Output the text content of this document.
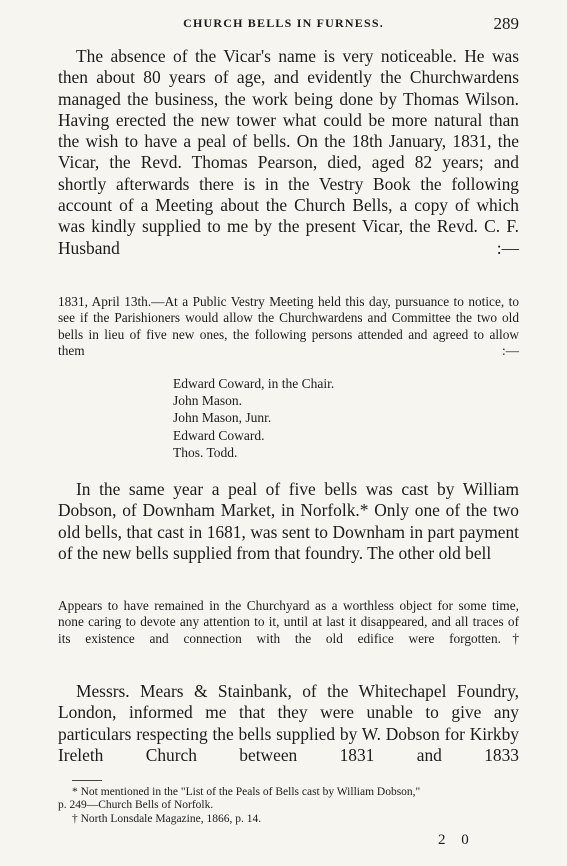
CHURCH BELLS IN FURNESS.	289

The absence of the Vicar's name is very noticeable. He was then about 80 years of age, and evidently the Churchwardens managed the business, the work being done by Thomas Wilson. Having erected the new tower what could be more natural than the wish to have a peal of bells. On the 18th January, 1831, the Vicar, the Revd. Thomas Pearson, died, aged 82 years; and shortly afterwards there is in the Vestry Book the following account of a Meeting about the Church Bells, a copy of which was kindly supplied to me by the present Vicar, the Revd. C. F. Husband :—

1831, April 13th.—At a Public Vestry Meeting held this day, pursuance to notice, to see if the Parishioners would allow the Churchwardens and Committee the two old bells in lieu of five new ones, the following persons attended and agreed to allow them :—

Edward Coward, in the Chair.
John Mason.
John Mason, Junr.
Edward Coward.
Thos. Todd.

In the same year a peal of five bells was cast by William Dobson, of Downham Market, in Norfolk.* Only one of the two old bells, that cast in 1681, was sent to Downham in part payment of the new bells supplied from that foundry. The other old bell

Appears to have remained in the Churchyard as a worthless object for some time, none caring to devote any attention to it, until at last it disappeared, and all traces of its existence and connection with the old edifice were forgotten.†

Messrs. Mears & Stainbank, of the Whitechapel Foundry, London, informed me that they were unable to give any particulars respecting the bells supplied by W. Dobson for Kirkby Ireleth Church between 1831 and 1833

* Not mentioned in the "List of the Peals of Bells cast by William Dobson,"
p. 249—Church Bells of Norfolk.
† North Lonsdale Magazine, 1866, p. 14.
2 0
